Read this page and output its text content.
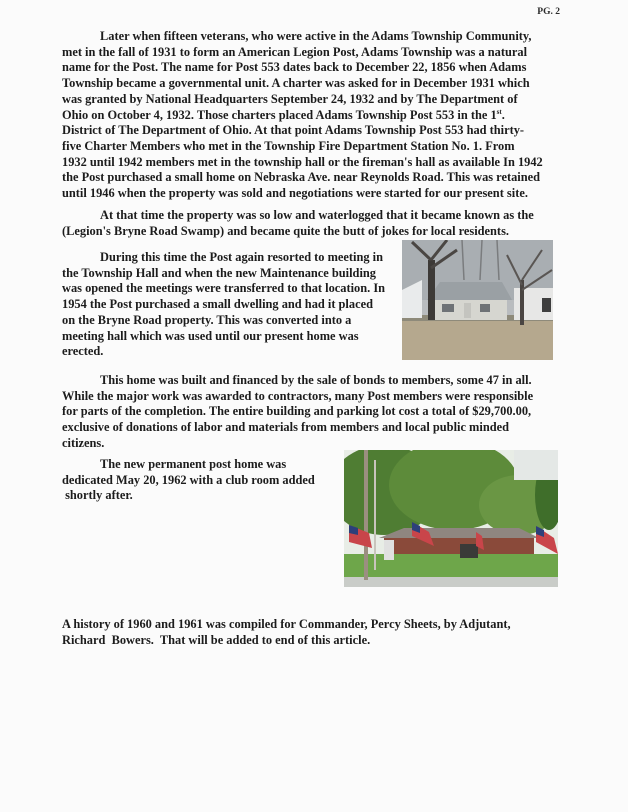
PG. 2
Later when fifteen veterans, who were active in the Adams Township Community,
met in the fall of 1931 to form an American Legion Post, Adams Township was a natural
name for the Post. The name for Post 553 dates back to December 22, 1856 when Adams
Township became a governmental unit. A charter was asked for in December 1931 which
was granted by National Headquarters September 24, 1932 and by The Department of
Ohio on October 4, 1932. Those charters placed Adams Township Post 553 in the 1st.
District of The Department of Ohio. At that point Adams Township Post 553 had thirty-
five Charter Members who met in the Township Fire Department Station No. 1. From
1932 until 1942 members met in the township hall or the fireman's hall as available In 1942
the Post purchased a small home on Nebraska Ave. near Reynolds Road. This was retained
until 1946 when the property was sold and negotiations were started for our present site.
At that time the property was so low and waterlogged that it became known as the
(Legion's Bryne Road Swamp) and became quite the butt of jokes for local residents.
During this time the Post again resorted to meeting in
the Township Hall and when the new Maintenance building
was opened the meetings were transferred to that location. In
1954 the Post purchased a small dwelling and had it placed
on the Bryne Road property. This was converted into a
meeting hall which was used until our present home was
erected.
This home was built and financed by the sale of bonds to members, some 47 in all.
While the major work was awarded to contractors, many Post members were responsible
for parts of the completion. The entire building and parking lot cost a total of $29,700.00,
exclusive of donations of labor and materials from members and local public minded
citizens.
The new permanent post home was
dedicated May 20, 1962 with a club room added
shortly after.
A history of 1960 and 1961 was compiled for Commander, Percy Sheets, by Adjutant,
Richard  Bowers.  That will be added to end of this article.
